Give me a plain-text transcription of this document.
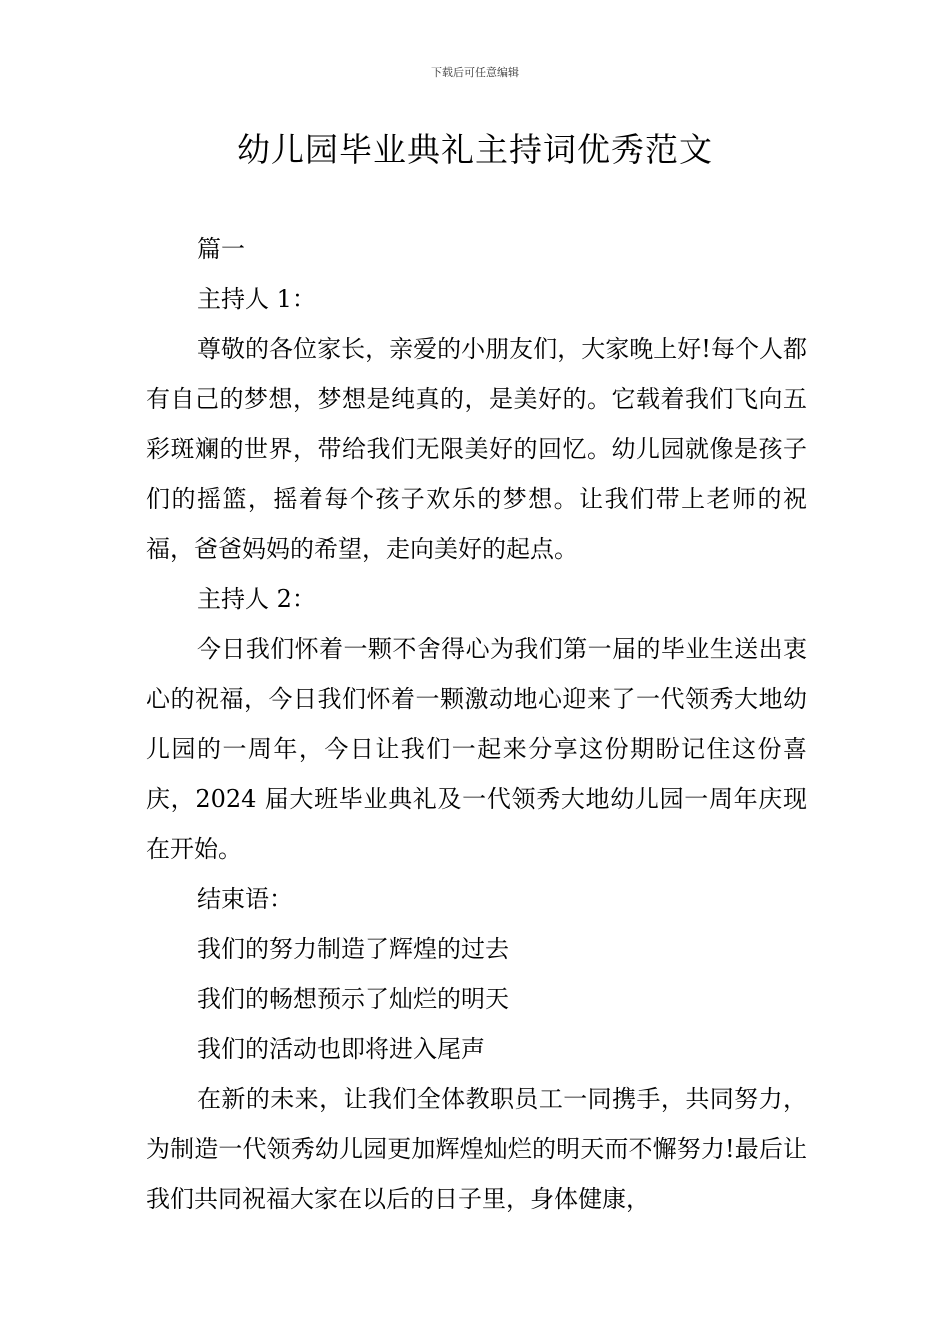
下载后可任意编辑
幼儿园毕业典礼主持词优秀范文

篇一

主持人 1：

尊敬的各位家长，亲爱的小朋友们，大家晚上好!每个人都有自己的梦想，梦想是纯真的，是美好的。它载着我们飞向五彩斑斓的世界，带给我们无限美好的回忆。幼儿园就像是孩子们的摇篮，摇着每个孩子欢乐的梦想。让我们带上老师的祝福，爸爸妈妈的希望，走向美好的起点。

主持人 2：

今日我们怀着一颗不舍得心为我们第一届的毕业生送出衷心的祝福，今日我们怀着一颗激动地心迎来了一代领秀大地幼儿园的一周年，今日让我们一起来分享这份期盼记住这份喜庆，2024 届大班毕业典礼及一代领秀大地幼儿园一周年庆现在开始。

结束语：

我们的努力制造了辉煌的过去

我们的畅想预示了灿烂的明天

我们的活动也即将进入尾声

在新的未来，让我们全体教职员工一同携手，共同努力，为制造一代领秀幼儿园更加辉煌灿烂的明天而不懈努力!最后让我们共同祝福大家在以后的日子里，身体健康，
